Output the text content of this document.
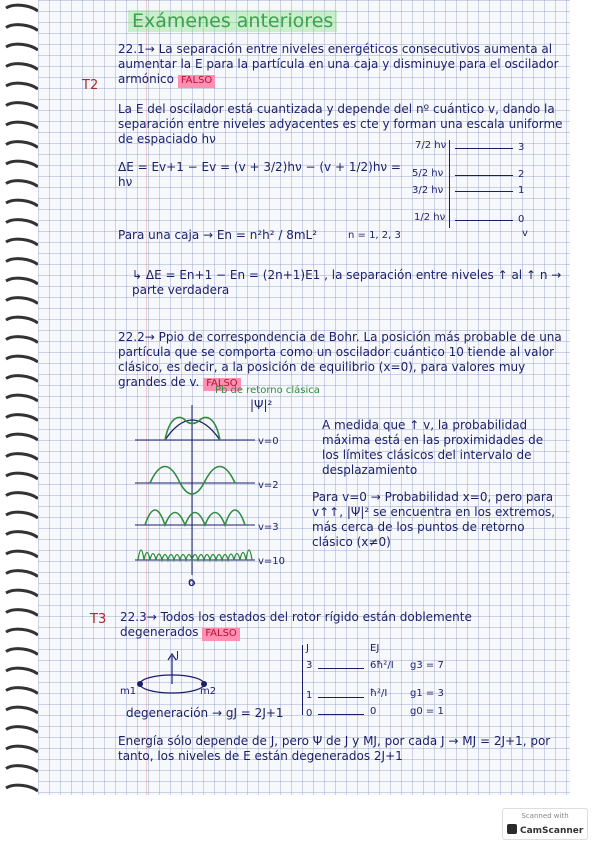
Exámenes anteriores
T2
22.1→ La separación entre niveles energéticos consecutivos aumenta al aumentar la E para la partícula en una caja y disminuye para el oscilador armónico FALSO
La E del oscilador está cuantizada y depende del nº cuántico v, dando la separación entre niveles adyacentes es cte y forman una escala uniforme de espaciado hν
ΔE = Ev+1 − Ev = (v + 3/2)hν − (v + 1/2)hν = hν
7/2 hν	3
5/2 hν	2
3/2 hν	1
1/2 hν	0
v
Para una caja → En = n²h² / 8mL²	n = 1, 2, 3
↳ ΔE = En+1 − En = (2n+1)E1 , la separación entre niveles ↑ al ↑ n → parte verdadera
22.2→ Ppio de correspondencia de Bohr. La posición más probable de una partícula que se comporta como un oscilador cuántico 10 tiende al valor clásico, es decir, a la posición de equilibrio (x=0), para valores muy grandes de v. FALSO
Pb de retorno clásica
|Ψ|²
v=0
v=2
v=3
v=10
0
A medida que ↑ v, la probabilidad máxima está en las proximidades de los límites clásicos del intervalo de desplazamiento
Para v=0 → Probabilidad x=0, pero para v↑↑, |Ψ|² se encuentra en los extremos, más cerca de los puntos de retorno clásico (x≠0)
T3 22.3→ Todos los estados del rotor rígido están doblemente degenerados FALSO
J
m1	m2
degeneración → gJ = 2J+1
J	EJ
3	6ħ²/I g3 = 7
1	ħ²/I g1 = 3
0	0	g0 = 1
Energía sólo depende de J, pero Ψ de J y MJ, por cada J → MJ = 2J+1, por tanto, los niveles de E están degenerados 2J+1
Scanned with
CamScanner
